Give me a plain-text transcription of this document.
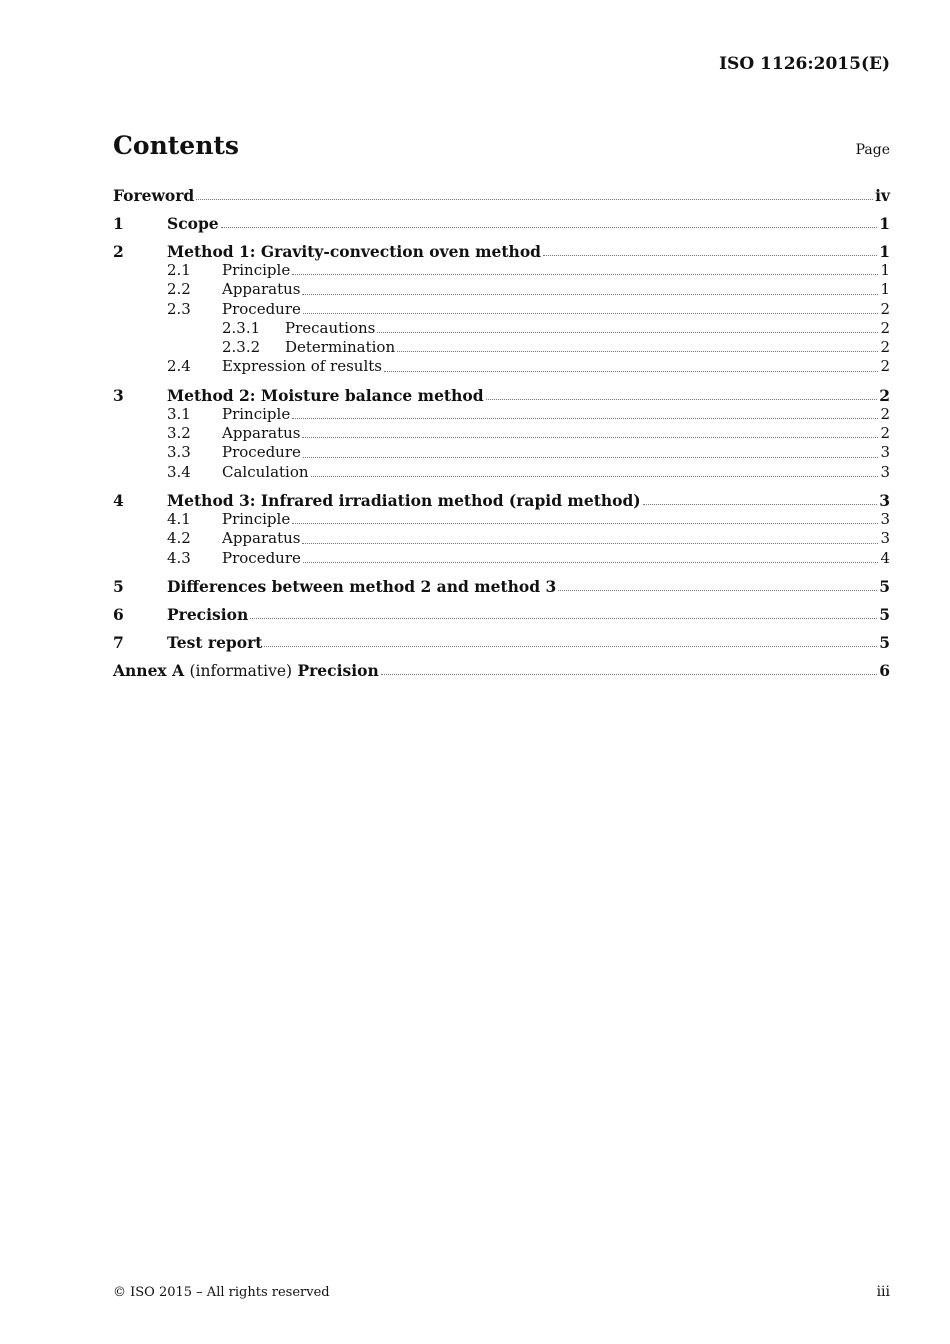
ISO 1126:2015(E)
Contents	Page
Foreword	iv
1	Scope	1
2	Method 1: Gravity-convection oven method	1
2.1	Principle	1
2.2	Apparatus	1
2.3	Procedure	2
2.3.1	Precautions	2
2.3.2	Determination	2
2.4	Expression of results	2
3	Method 2: Moisture balance method	2
3.1	Principle	2
3.2	Apparatus	2
3.3	Procedure	3
3.4	Calculation	3
4	Method 3: Infrared irradiation method (rapid method)	3
4.1	Principle	3
4.2	Apparatus	3
4.3	Procedure	4
5	Differences between method 2 and method 3	5
6	Precision	5
7	Test report	5
Annex A (informative) Precision	6
© ISO 2015 – All rights reserved	iii
